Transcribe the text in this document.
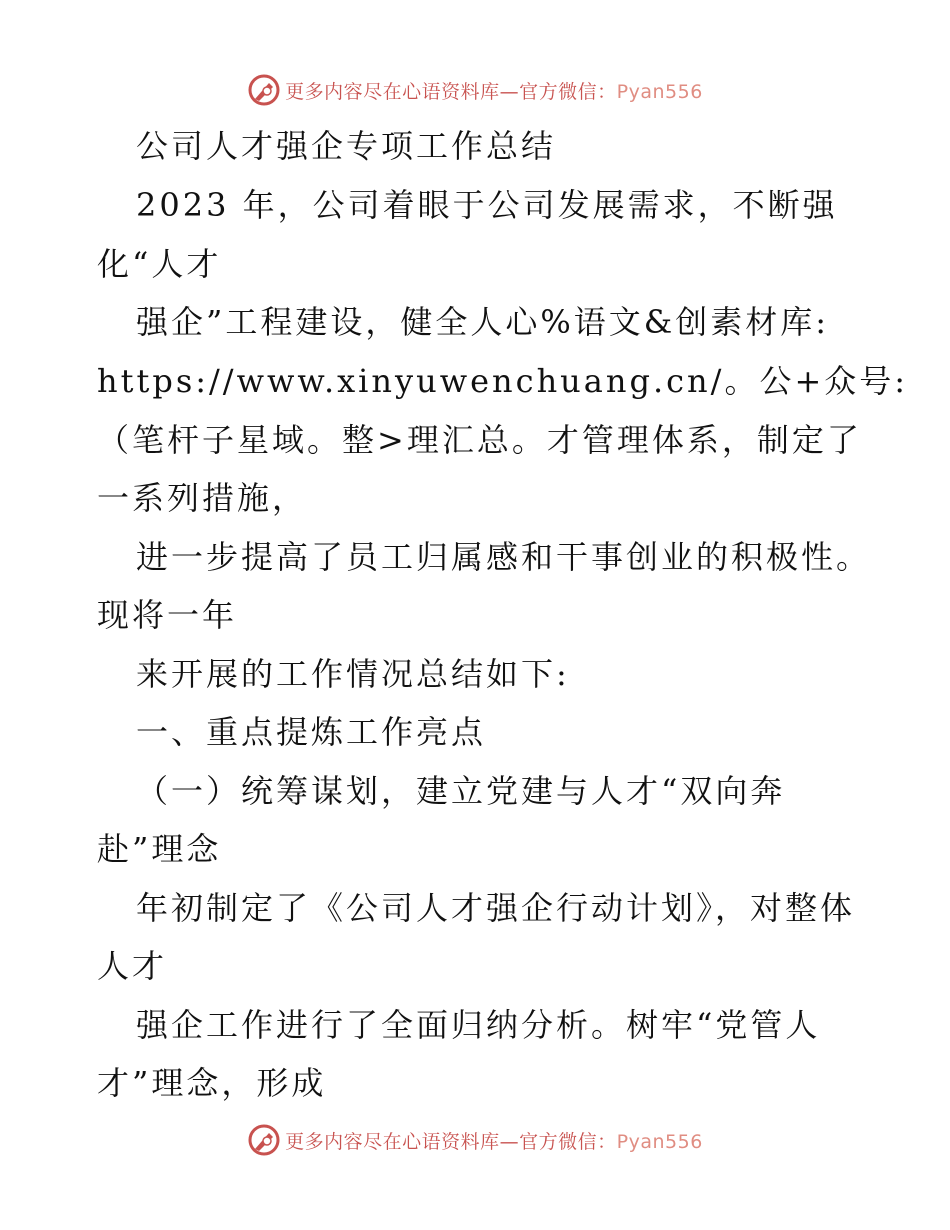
更多内容尽在心语资料库—官方微信：Pyan556
公司人才强企专项工作总结
2023 年，公司着眼于公司发展需求，不断强
化“人才
强企”工程建设，健全人心%语文&创素材库:
https://www.xinyuwenchuang.cn/。公+众号:
（笔杆子星域。整>理汇总。才管理体系，制定了
一系列措施，
进一步提高了员工归属感和干事创业的积极性。
现将一年
来开展的工作情况总结如下:
一、重点提炼工作亮点
（一）统筹谋划，建立党建与人才“双向奔
赴”理念
年初制定了《公司人才强企行动计划》，对整体
人才
强企工作进行了全面归纳分析。树牢“党管人
才”理念，形成
更多内容尽在心语资料库—官方微信：Pyan556
